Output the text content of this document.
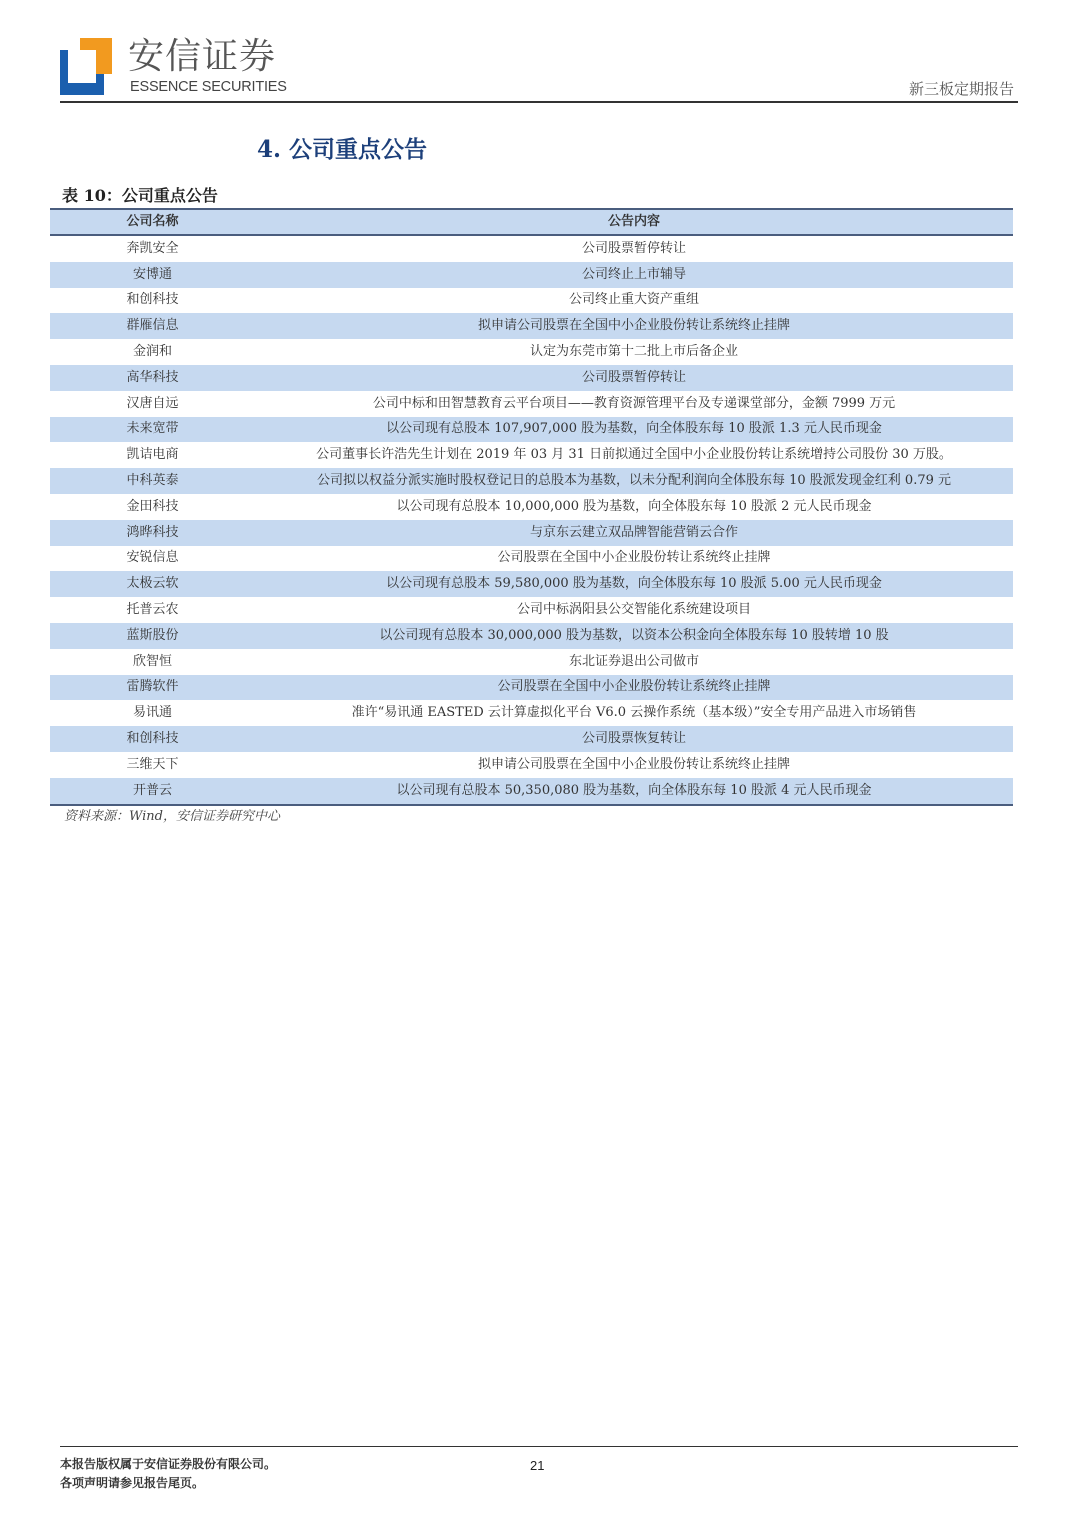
安信证券
ESSENCE SECURITIES	新三板定期报告
4. 公司重点公告
表 10：公司重点公告
公司名称	公告内容
奔凯安全	公司股票暂停转让
安博通	公司终止上市辅导
和创科技	公司终止重大资产重组
群雁信息	拟申请公司股票在全国中小企业股份转让系统终止挂牌
金润和	认定为东莞市第十二批上市后备企业
高华科技	公司股票暂停转让
汉唐自远	公司中标和田智慧教育云平台项目——教育资源管理平台及专递课堂部分，金额 7999 万元
未来宽带	以公司现有总股本 107,907,000 股为基数，向全体股东每 10 股派 1.3 元人民币现金
凯诘电商	公司董事长许浩先生计划在 2019 年 03 月 31 日前拟通过全国中小企业股份转让系统增持公司股份 30 万股。
中科英泰	公司拟以权益分派实施时股权登记日的总股本为基数，以未分配利润向全体股东每 10 股派发现金红利 0.79 元
金田科技	以公司现有总股本 10,000,000 股为基数，向全体股东每 10 股派 2 元人民币现金
鸿晔科技	与京东云建立双品牌智能营销云合作
安锐信息	公司股票在全国中小企业股份转让系统终止挂牌
太极云软	以公司现有总股本 59,580,000 股为基数，向全体股东每 10 股派 5.00 元人民币现金
托普云农	公司中标涡阳县公交智能化系统建设项目
蓝斯股份	以公司现有总股本 30,000,000 股为基数，以资本公积金向全体股东每 10 股转增 10 股
欣智恒	东北证券退出公司做市
雷腾软件	公司股票在全国中小企业股份转让系统终止挂牌
易讯通	准许“易讯通 EASTED 云计算虚拟化平台 V6.0 云操作系统（基本级）”安全专用产品进入市场销售
和创科技	公司股票恢复转让
三维天下	拟申请公司股票在全国中小企业股份转让系统终止挂牌
开普云	以公司现有总股本 50,350,080 股为基数，向全体股东每 10 股派 4 元人民币现金
资料来源：Wind，安信证券研究中心
本报告版权属于安信证券股份有限公司。
各项声明请参见报告尾页。
21
